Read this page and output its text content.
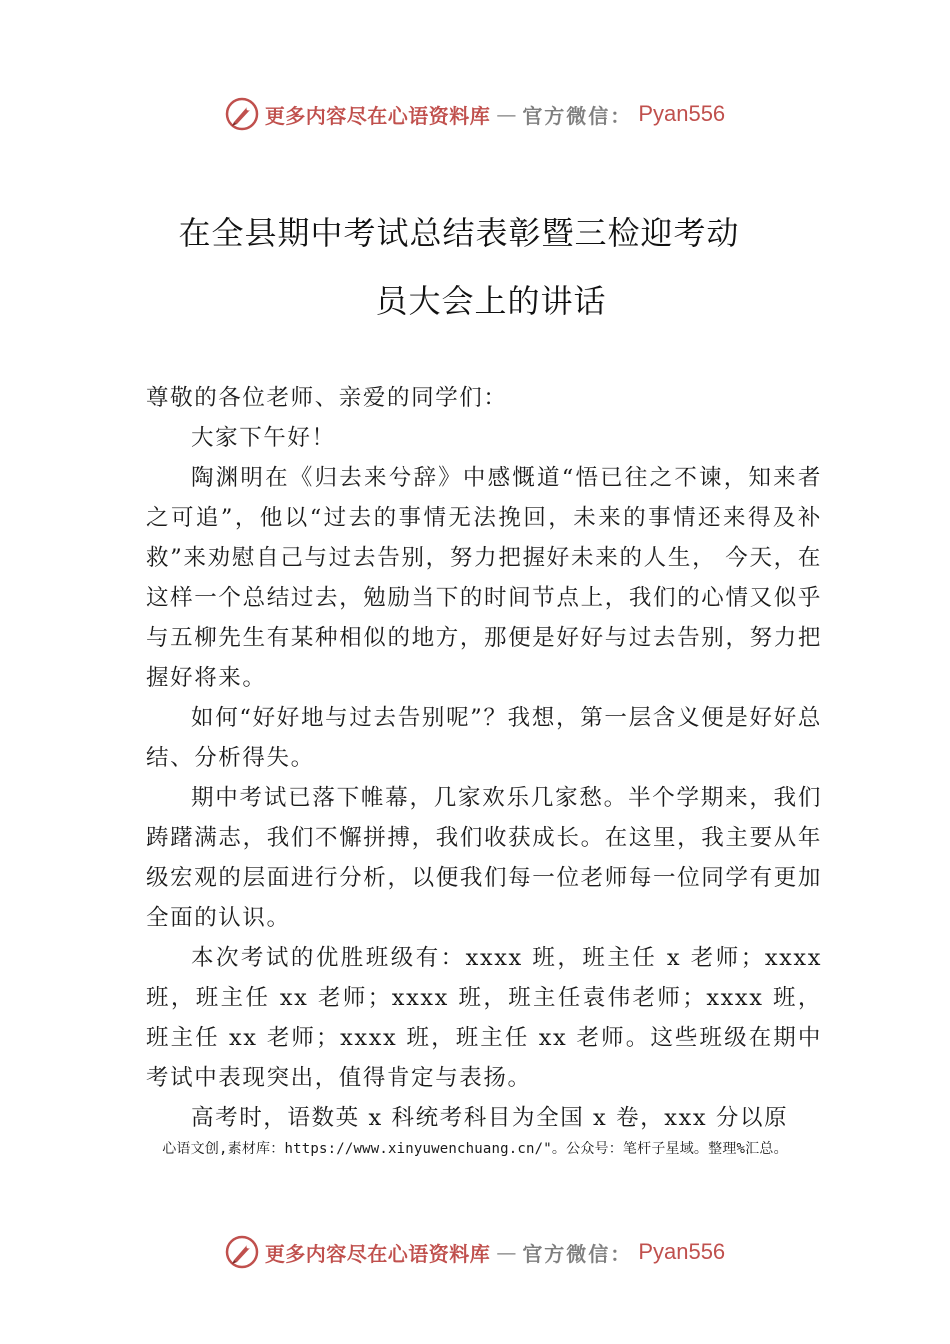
更多内容尽在心语资料库 — 官方微信： Pyan556
在全县期中考试总结表彰暨三检迎考动
员大会上的讲话

尊敬的各位老师、亲爱的同学们：

大家下午好！

陶渊明在《归去来兮辞》中感慨道“悟已往之不谏，知来者之可追”，他以“过去的事情无法挽回，未来的事情还来得及补救”来劝慰自己与过去告别，努力把握好未来的人生， 今天，在这样一个总结过去，勉励当下的时间节点上，我们的心情又似乎与五柳先生有某种相似的地方，那便是好好与过去告别，努力把握好将来。

如何“好好地与过去告别呢”？我想，第一层含义便是好好总结、分析得失。

期中考试已落下帷幕，几家欢乐几家愁。半个学期来，我们踌躇满志，我们不懈拼搏，我们收获成长。在这里，我主要从年级宏观的层面进行分析，以便我们每一位老师每一位同学有更加全面的认识。

本次考试的优胜班级有：xxxx 班，班主任 x 老师；xxxx 班，班主任 xx 老师；xxxx 班，班主任袁伟老师；xxxx 班，班主任 xx 老师；xxxx 班，班主任 xx 老师。这些班级在期中考试中表现突出，值得肯定与表扬。

高考时，语数英 x 科统考科目为全国 x 卷，xxx 分以原

心语文创,素材库：https://www.xinyuwenchuang.cn/"。公众号：笔杆子星域。整理%汇总。
更多内容尽在心语资料库 — 官方微信： Pyan556
